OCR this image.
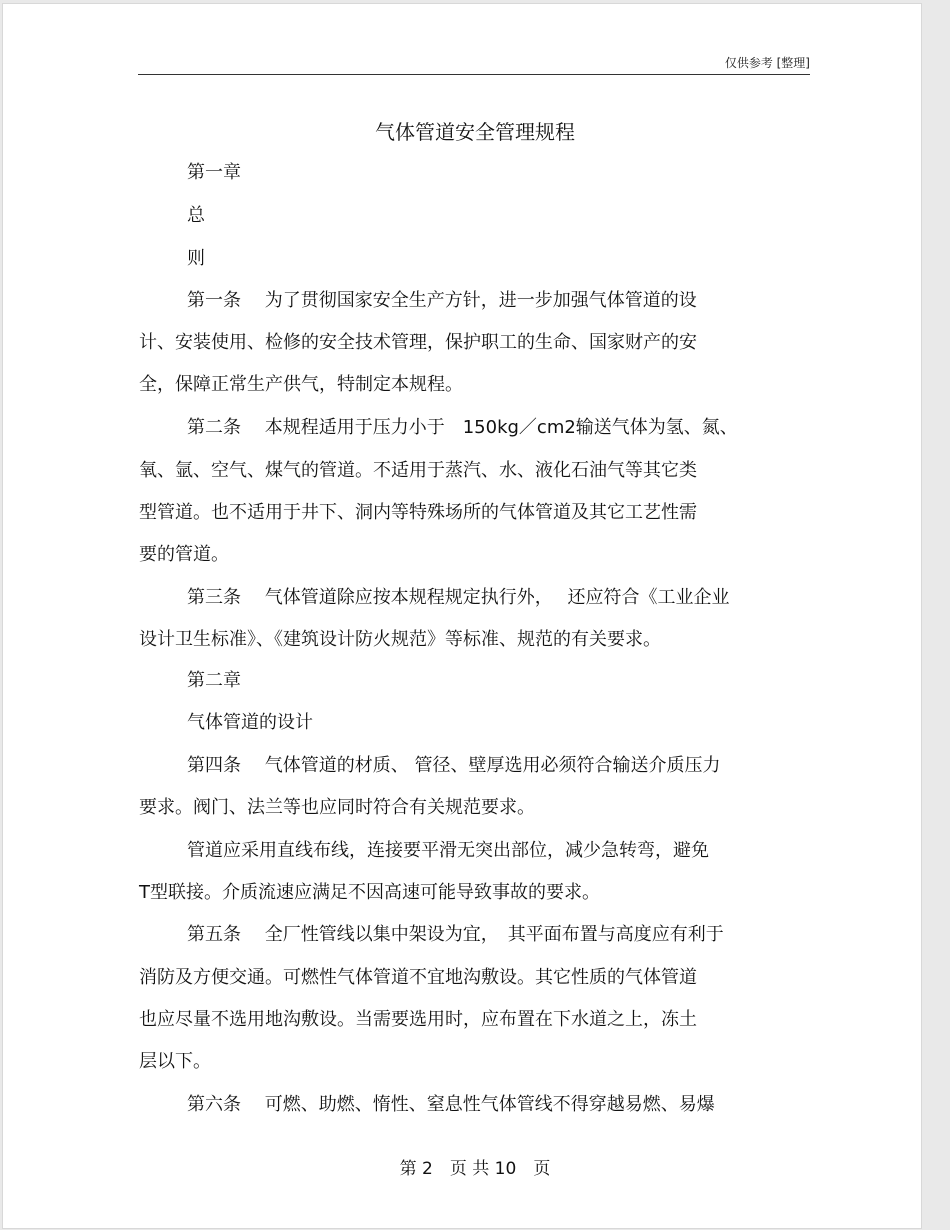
仅供参考 [整理]
气体管道安全管理规程
第一章
总
则
第一条　 为了贯彻国家安全生产方针，进一步加强气体管道的设
计、安装使用、检修的安全技术管理，保护职工的生命、国家财产的安
全，保障正常生产供气，特制定本规程。
第二条　 本规程适用于压力小于　150kg／cm2输送气体为氢、氮、
氧、氩、空气、煤气的管道。不适用于蒸汽、水、液化石油气等其它类
型管道。也不适用于井下、洞内等特殊场所的气体管道及其它工艺性需
要的管道。
第三条　 气体管道除应按本规程规定执行外，　 还应符合《工业企业
设计卫生标准》、《建筑设计防火规范》等标准、规范的有关要求。
第二章
气体管道的设计
第四条　 气体管道的材质、 管径、壁厚选用必须符合输送介质压力
要求。阀门、法兰等也应同时符合有关规范要求。
管道应采用直线布线，连接要平滑无突出部位，减少急转弯，避免
T型联接。介质流速应满足不因高速可能导致事故的要求。
第五条　 全厂性管线以集中架设为宜，　其平面布置与高度应有利于
消防及方便交通。可燃性气体管道不宜地沟敷设。其它性质的气体管道
也应尽量不选用地沟敷设。当需要选用时，应布置在下水道之上，冻土
层以下。
第六条　 可燃、助燃、惰性、窒息性气体管线不得穿越易燃、易爆
第 2　页 共 10　页
